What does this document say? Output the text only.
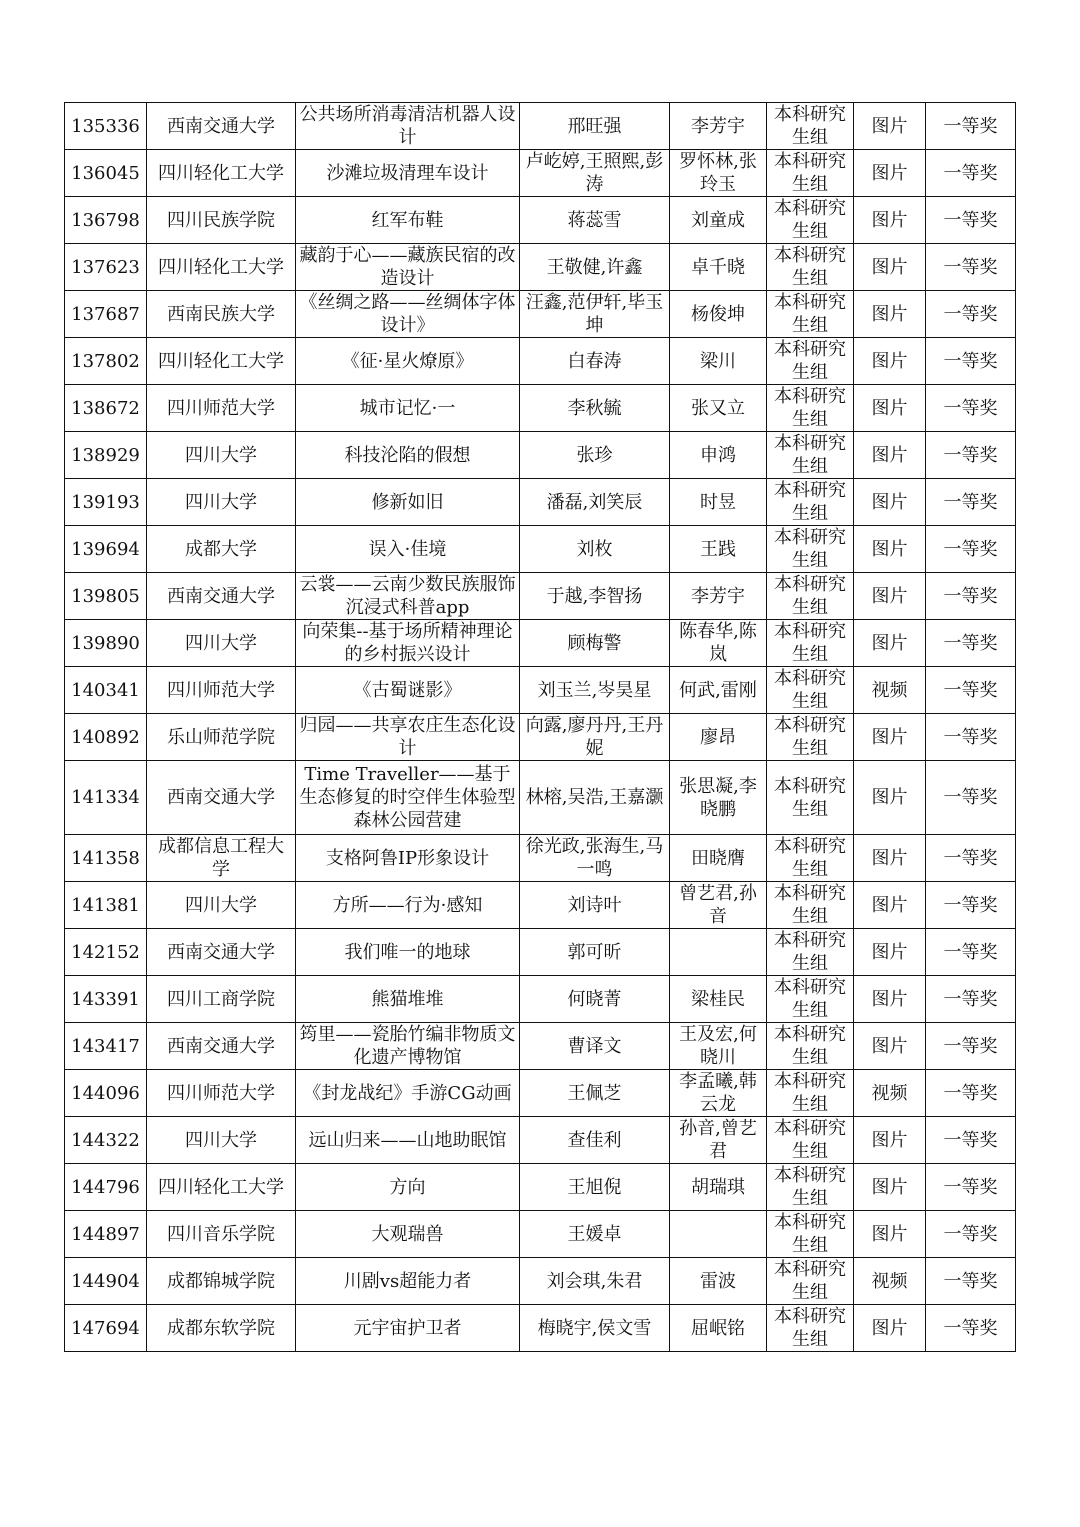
135336	西南交通大学	公共场所消毒清洁机器人设计	邢旺强	李芳宇	本科研究生组	图片	一等奖
136045	四川轻化工大学	沙滩垃圾清理车设计	卢屹婷,王照熙,彭涛	罗怀林,张玲玉	本科研究生组	图片	一等奖
136798	四川民族学院	红军布鞋	蒋蕊雪	刘童成	本科研究生组	图片	一等奖
137623	四川轻化工大学	藏韵于心——藏族民宿的改造设计	王敬健,许鑫	卓千晓	本科研究生组	图片	一等奖
137687	西南民族大学	《丝绸之路——丝绸体字体设计》	汪鑫,范伊轩,毕玉坤	杨俊坤	本科研究生组	图片	一等奖
137802	四川轻化工大学	《征·星火燎原》	白春涛	梁川	本科研究生组	图片	一等奖
138672	四川师范大学	城市记忆·一	李秋毓	张又立	本科研究生组	图片	一等奖
138929	四川大学	科技沦陷的假想	张珍	申鸿	本科研究生组	图片	一等奖
139193	四川大学	修新如旧	潘磊,刘笑辰	时昱	本科研究生组	图片	一等奖
139694	成都大学	误入·佳境	刘枚	王践	本科研究生组	图片	一等奖
139805	西南交通大学	云裳——云南少数民族服饰沉浸式科普app	于越,李智扬	李芳宇	本科研究生组	图片	一等奖
139890	四川大学	向荣集--基于场所精神理论的乡村振兴设计	顾梅警	陈春华,陈岚	本科研究生组	图片	一等奖
140341	四川师范大学	《古蜀谜影》	刘玉兰,岑昊星	何武,雷刚	本科研究生组	视频	一等奖
140892	乐山师范学院	归园——共享农庄生态化设计	向露,廖丹丹,王丹妮	廖昂	本科研究生组	图片	一等奖
141334	西南交通大学	Time Traveller——基于生态修复的时空伴生体验型森林公园营建	林榕,吴浩,王嘉灏	张思凝,李晓鹏	本科研究生组	图片	一等奖
141358	成都信息工程大学	支格阿鲁IP形象设计	徐光政,张海生,马一鸣	田晓膺	本科研究生组	图片	一等奖
141381	四川大学	方所——行为·感知	刘诗叶	曾艺君,孙音	本科研究生组	图片	一等奖
142152	西南交通大学	我们唯一的地球	郭可昕		本科研究生组	图片	一等奖
143391	四川工商学院	熊猫堆堆	何晓菁	梁桂民	本科研究生组	图片	一等奖
143417	西南交通大学	筠里——瓷胎竹编非物质文化遗产博物馆	曹译文	王及宏,何晓川	本科研究生组	图片	一等奖
144096	四川师范大学	《封龙战纪》手游CG动画	王佩芝	李孟曦,韩云龙	本科研究生组	视频	一等奖
144322	四川大学	远山归来——山地助眠馆	查佳利	孙音,曾艺君	本科研究生组	图片	一等奖
144796	四川轻化工大学	方向	王旭倪	胡瑞琪	本科研究生组	图片	一等奖
144897	四川音乐学院	大观瑞兽	王媛卓		本科研究生组	图片	一等奖
144904	成都锦城学院	川剧vs超能力者	刘会琪,朱君	雷波	本科研究生组	视频	一等奖
147694	成都东软学院	元宇宙护卫者	梅晓宇,侯文雪	屈岷铭	本科研究生组	图片	一等奖
